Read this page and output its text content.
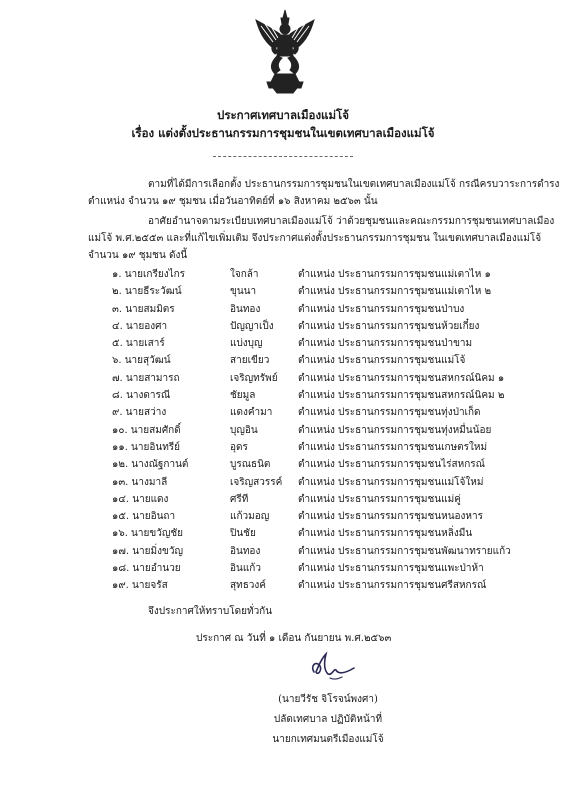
ประกาศเทศบาลเมืองแม่โจ้
เรื่อง แต่งตั้งประธานกรรมการชุมชนในเขตเทศบาลเมืองแม่โจ้
ตามที่ได้มีการเลือกตั้ง ประธานกรรมการชุมชนในเขตเทศบาลเมืองแม่โจ้ กรณีครบวาระการดำรง
ตำแหน่ง จำนวน ๑๙ ชุมชน เมื่อวันอาทิตย์ที่ ๑๖ สิงหาคม ๒๕๖๓ นั้น
อาศัยอำนาจตามระเบียบเทศบาลเมืองแม่โจ้ ว่าด้วยชุมชนและคณะกรรมการชุมชนเทศบาลเมือง
แม่โจ้ พ.ศ.๒๕๕๓ และที่แก้ไขเพิ่มเติม จึงประกาศแต่งตั้งประธานกรรมการชุมชน ในเขตเทศบาลเมืองแม่โจ้
จำนวน ๑๙ ชุมชน ดังนี้
๑. นายเกรียงไกร	ใจกล้า	ตำแหน่ง ประธานกรรมการชุมชนแม่เตาไห ๑
๒. นายธีระวัฒน์	ขุนนา	ตำแหน่ง ประธานกรรมการชุมชนแม่เตาไห ๒
๓. นายสมมิตร	อินทอง	ตำแหน่ง ประธานกรรมการชุมชนป่าบง
๔. นายองศา	ปัญญาเป็ง ตำแหน่ง ประธานกรรมการชุมชนห้วยเกี๋ยง
๕. นายเสาร์	แบ่งบุญ	ตำแหน่ง ประธานกรรมการชุมชนป่าขาม
๖. นายสุวัฒน์	สายเขียว	ตำแหน่ง ประธานกรรมการชุมชนแม่โจ้
๗. นายสามารถ	เจริญทรัพย์ ตำแหน่ง ประธานกรรมการชุมชนสหกรณ์นิคม ๑
๘. นางดารณี	ชัยมูล	ตำแหน่ง ประธานกรรมการชุมชนสหกรณ์นิคม ๒
๙. นายสว่าง	แดงคำมา	ตำแหน่ง ประธานกรรมการชุมชนทุ่งป่าเก็ด
๑๐. นายสมศักดิ์	บุญอิน	ตำแหน่ง ประธานกรรมการชุมชนทุ่งหมื่นน้อย
๑๑. นายอินทรีย์	อุดร	ตำแหน่ง ประธานกรรมการชุมชนเกษตรใหม่
๑๒. นางณัฐกานต์	บูรณธนิต	ตำแหน่ง ประธานกรรมการชุมชนไร่สหกรณ์
๑๓. นางมาลี	เจริญสวรรค์ ตำแหน่ง ประธานกรรมการชุมชนแม่โจ้ใหม่
๑๔. นายแดง	ศรีที	ตำแหน่ง ประธานกรรมการชุมชนแม่คู่
๑๕. นายอินถา	แก้วมอญ	ตำแหน่ง ประธานกรรมการชุมชนหนองหาร
๑๖. นายขวัญชัย	ปินชัย	ตำแหน่ง ประธานกรรมการชุมชนหลิ่งมืน
๑๗. นายมิ่งขวัญ	อินทอง	ตำแหน่ง ประธานกรรมการชุมชนพัฒนาทรายแก้ว
๑๘. นายอำนวย	อินแก้ว	ตำแหน่ง ประธานกรรมการชุมชนแพะป่าห้า
๑๙. นายจรัส	สุทธวงค์	ตำแหน่ง ประธานกรรมการชุมชนศรีสหกรณ์
จึงประกาศให้ทราบโดยทั่วกัน
ประกาศ ณ วันที่ ๑ เดือน กันยายน พ.ศ.๒๕๖๓
(นายวีรัช จิโรจน์พงศา)
ปลัดเทศบาล ปฏิบัติหน้าที่
นายกเทศมนตรีเมืองแม่โจ้
